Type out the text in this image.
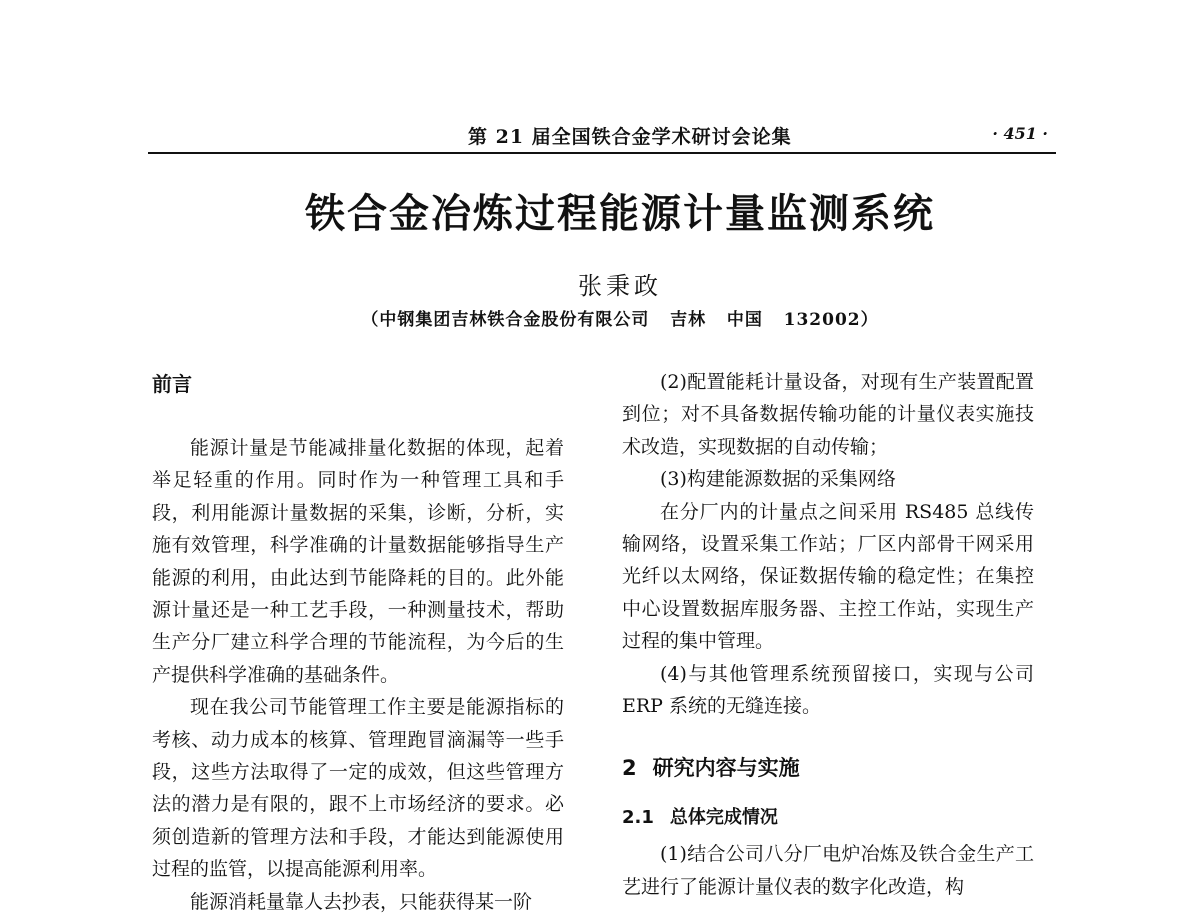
第 21 届全国铁合金学术研讨会论集	· 451 ·
铁合金冶炼过程能源计量监测系统
张秉政
（中钢集团吉林铁合金股份有限公司   吉林   中国   132002）
前言

能源计量是节能减排量化数据的体现，起着举足轻重的作用。同时作为一种管理工具和手段，利用能源计量数据的采集，诊断，分析，实施有效管理，科学准确的计量数据能够指导生产能源的利用，由此达到节能降耗的目的。此外能源计量还是一种工艺手段，一种测量技术，帮助生产分厂建立科学合理的节能流程，为今后的生产提供科学准确的基础条件。

现在我公司节能管理工作主要是能源指标的考核、动力成本的核算、管理跑冒滴漏等一些手段，这些方法取得了一定的成效，但这些管理方法的潜力是有限的，跟不上市场经济的要求。必须创造新的管理方法和手段，才能达到能源使用过程的监管，以提高能源利用率。

能源消耗量靠人去抄表，只能获得某一阶

(2)配置能耗计量设备，对现有生产装置配置到位；对不具备数据传输功能的计量仪表实施技术改造，实现数据的自动传输；

(3)构建能源数据的采集网络

在分厂内的计量点之间采用 RS485 总线传输网络，设置采集工作站；厂区内部骨干网采用光纤以太网络，保证数据传输的稳定性；在集控中心设置数据库服务器、主控工作站，实现生产过程的集中管理。

(4)与其他管理系统预留接口，实现与公司 ERP 系统的无缝连接。

2 研究内容与实施
2.1 总体完成情况

(1)结合公司八分厂电炉冶炼及铁合金生产工艺进行了能源计量仪表的数字化改造，构
